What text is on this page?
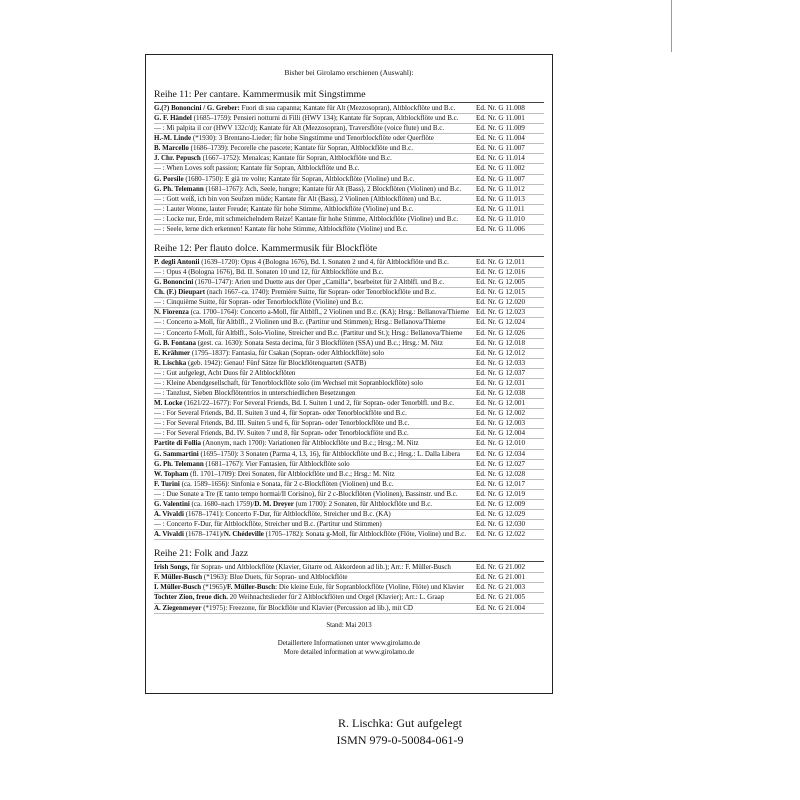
Bisher bei Girolamo erschienen (Auswahl):
Reihe 11: Per cantare. Kammermusik mit Singstimme
G.(?) Bononcini / G. Greber: Fuori di sua capanna; Kantate für Alt (Mezzosopran), Altblockflöte und B.c.	Ed. Nr. G 11.008
G. F. Händel (1685–1759): Pensieri notturni di Filli (HWV 134); Kantate für Sopran, Altblockflöte und B.c.	Ed. Nr. G 11.001
— : Mi palpita il cor (HWV 132c/d); Kantate für Alt (Mezzosopran), Traversflöte (voice flute) und B.c.	Ed. Nr. G 11.009
H.-M. Linde (*1930): 3 Brentano-Lieder; für hohe Singstimme und Tenorblockflöte oder Querflöte	Ed. Nr. G 11.004
B. Marcello (1686–1739): Pecorelle che pascete; Kantate für Sopran, Altblockflöte und B.c.	Ed. Nr. G 11.007
J. Chr. Pepusch (1667–1752): Menalcas; Kantate für Sopran, Altblockflöte und B.c.	Ed. Nr. G 11.014
— : When Loves soft passion; Kantate für Sopran, Altblockflöte und B.c.	Ed. Nr. G 11.002
G. Porsile (1680–1750): E già tre volte; Kantate für Sopran, Altblockflöte (Violine) und B.c.	Ed. Nr. G 11.007
G. Ph. Telemann (1681–1767): Ach, Seele, hungre; Kantate für Alt (Bass), 2 Blockflöten (Violinen) und B.c.	Ed. Nr. G 11.012
— : Gott weiß, ich bin von Seufzen müde; Kantate für Alt (Bass), 2 Violinen (Altblockflöten) und B.c.	Ed. Nr. G 11.013
— : Lauter Wonne, lauter Freude; Kantate für hohe Stimme, Altblockflöte (Violine) und B.c.	Ed. Nr. G 11.011
— : Locke nur, Erde, mit schmeichelndem Reize! Kantate für hohe Stimme, Altblockflöte (Violine) und B.c.	Ed. Nr. G 11.010
— : Seele, lerne dich erkennen! Kantate für hohe Stimme, Altblockflöte (Violine) und B.c.	Ed. Nr. G 11.006
Reihe 12: Per flauto dolce. Kammermusik für Blockflöte
P. degli Antonii (1639–1720): Opus 4 (Bologna 1676), Bd. I. Sonaten 2 und 4, für Altblockflöte und B.c.	Ed. Nr. G 12.011
— : Opus 4 (Bologna 1676), Bd. II. Sonaten 10 und 12, für Altblockflöte und B.c.	Ed. Nr. G 12.016
G. Bononcini (1670–1747): Arien und Duette aus der Oper „Camilla“, bearbeitet für 2 Altblfl. und B.c.	Ed. Nr. G 12.005
Ch. (F.) Dieupart (nach 1667–ca. 1740): Première Suitte, für Sopran- oder Tenorblockflöte und B.c.	Ed. Nr. G 12.015
— : Cinquième Suitte, für Sopran- oder Tenorblockflöte (Violine) und B.c.	Ed. Nr. G 12.020
N. Fiorenza (ca. 1700–1764): Concerto a-Moll, für Altblfl., 2 Violinen und B.c. (KA); Hrsg.: Bellanova/Thieme Ed. Nr. G 12.023
— : Concerto a-Moll, für Altblfl., 2 Violinen und B.c. (Partitur und Stimmen); Hrsg.: Bellanova/Thieme	Ed. Nr. G 12.024
— : Concerto f-Moll, für Altblfl., Solo-Violine, Streicher und B.c. (Partitur und St.); Hrsg.: Bellanova/Thieme	Ed. Nr. G 12.026
G. B. Fontana (gest. ca. 1630): Sonata Sesta decima, für 3 Blockflöten (SSA) und B.c.; Hrsg.: M. Nitz	Ed. Nr. G 12.018
E. Krähmer (1795–1837): Fantasia, für Csakan (Sopran- oder Altblockflöte) solo	Ed. Nr. G 12.012
R. Lischka (geb. 1942): Genau! Fünf Sätze für Blockflötenquartett (SATB)	Ed. Nr. G 12.033
— : Gut aufgelegt, Acht Duos für 2 Altblockflöten	Ed. Nr. G 12.037
— : Kleine Abendgesellschaft, für Tenorblockflöte solo (im Wechsel mit Sopranblockflöte) solo	Ed. Nr. G 12.031
— : Tanzlust, Sieben Blockflötentrios in unterschiedlichen Besetzungen	Ed. Nr. G 12.038
M. Locke (1621/22–1677): For Several Friends, Bd. I. Suiten 1 und 2, für Sopran- oder Tenorblfl. und B.c.	Ed. Nr. G 12.001
— : For Several Friends, Bd. II. Suiten 3 und 4, für Sopran- oder Tenorblockflöte und B.c.	Ed. Nr. G 12.002
— : For Several Friends, Bd. III. Suiten 5 und 6, für Sopran- oder Tenorblockflöte und B.c.	Ed. Nr. G 12.003
— : For Several Friends, Bd. IV. Suiten 7 und 8, für Sopran- oder Tenorblockflöte und B.c.	Ed. Nr. G 12.004
Partite di Follia (Anonym, nach 1700): Variationen für Altblockflöte und B.c.; Hrsg.: M. Nitz	Ed. Nr. G 12.010
G. Sammartini (1695–1750): 3 Sonaten (Parma 4, 13, 16), für Altblockflöte und B.c.; Hrsg.: L. Dalla Libera	Ed. Nr. G 12.034
G. Ph. Telemann (1681–1767): Vier Fantasien, für Altblockflöte solo	Ed. Nr. G 12.027
W. Topham (fl. 1701–1709): Drei Sonaten, für Altblockflöte und B.c.; Hrsg.: M. Nitz	Ed. Nr. G 12.028
F. Turini (ca. 1589–1656): Sinfonia e Sonata, für 2 c-Blockflöten (Violinen) und B.c.	Ed. Nr. G 12.017
— : Due Sonate a Tre (E tanto tempo hormai/Il Corisino), für 2 c-Blockflöten (Violinen), Bassinstr. und B.c.	Ed. Nr. G 12.019
G. Valentini (ca. 1680–nach 1759)/D. M. Dreyer (um 1700): 2 Sonaten, für Altblockflöte und B.c.	Ed. Nr. G 12.009
A. Vivaldi (1678–1741): Concerto F-Dur, für Altblockflöte, Streicher und B.c. (KA)	Ed. Nr. G 12.029
— : Concerto F-Dur, für Altblockflöte, Streicher und B.c. (Partitur und Stimmen)	Ed. Nr. G 12.030
A. Vivaldi (1678–1741)/N. Chédeville (1705–1782): Sonata g-Moll, für Altblockflöte (Flöte, Violine) und B.c.	Ed. Nr. G 12.022
Reihe 21: Folk and Jazz
Irish Songs, für Sopran- und Altblockflöte (Klavier, Gitarre od. Akkordeon ad lib.); Arr.: F. Müller-Busch	Ed. Nr. G 21.002
F. Müller-Busch (*1963): Blue Duets, für Sopran- und Altblockflöte	Ed. Nr. G 21.001
I. Müller-Busch (*1965)/F. Müller-Busch: Die kleine Eule, für Sopranblockflöte (Violine, Flöte) und Klavier	Ed. Nr. G 21.003
Tochter Zion, freue dich. 20 Weihnachtslieder für 2 Altblockflöten und Orgel (Klavier); Arr.: L. Graap	Ed. Nr. G 21.005
A. Ziegenmeyer (*1975): Freezone, für Blockflöte und Klavier (Percussion ad lib.), mit CD	Ed. Nr. G 21.004
Stand: Mai 2013
Detaillertere Informationen unter www.girolamo.de
More detailed information at www.girolamo.de
R. Lischka: Gut aufgelegt
ISMN 979-0-50084-061-9
